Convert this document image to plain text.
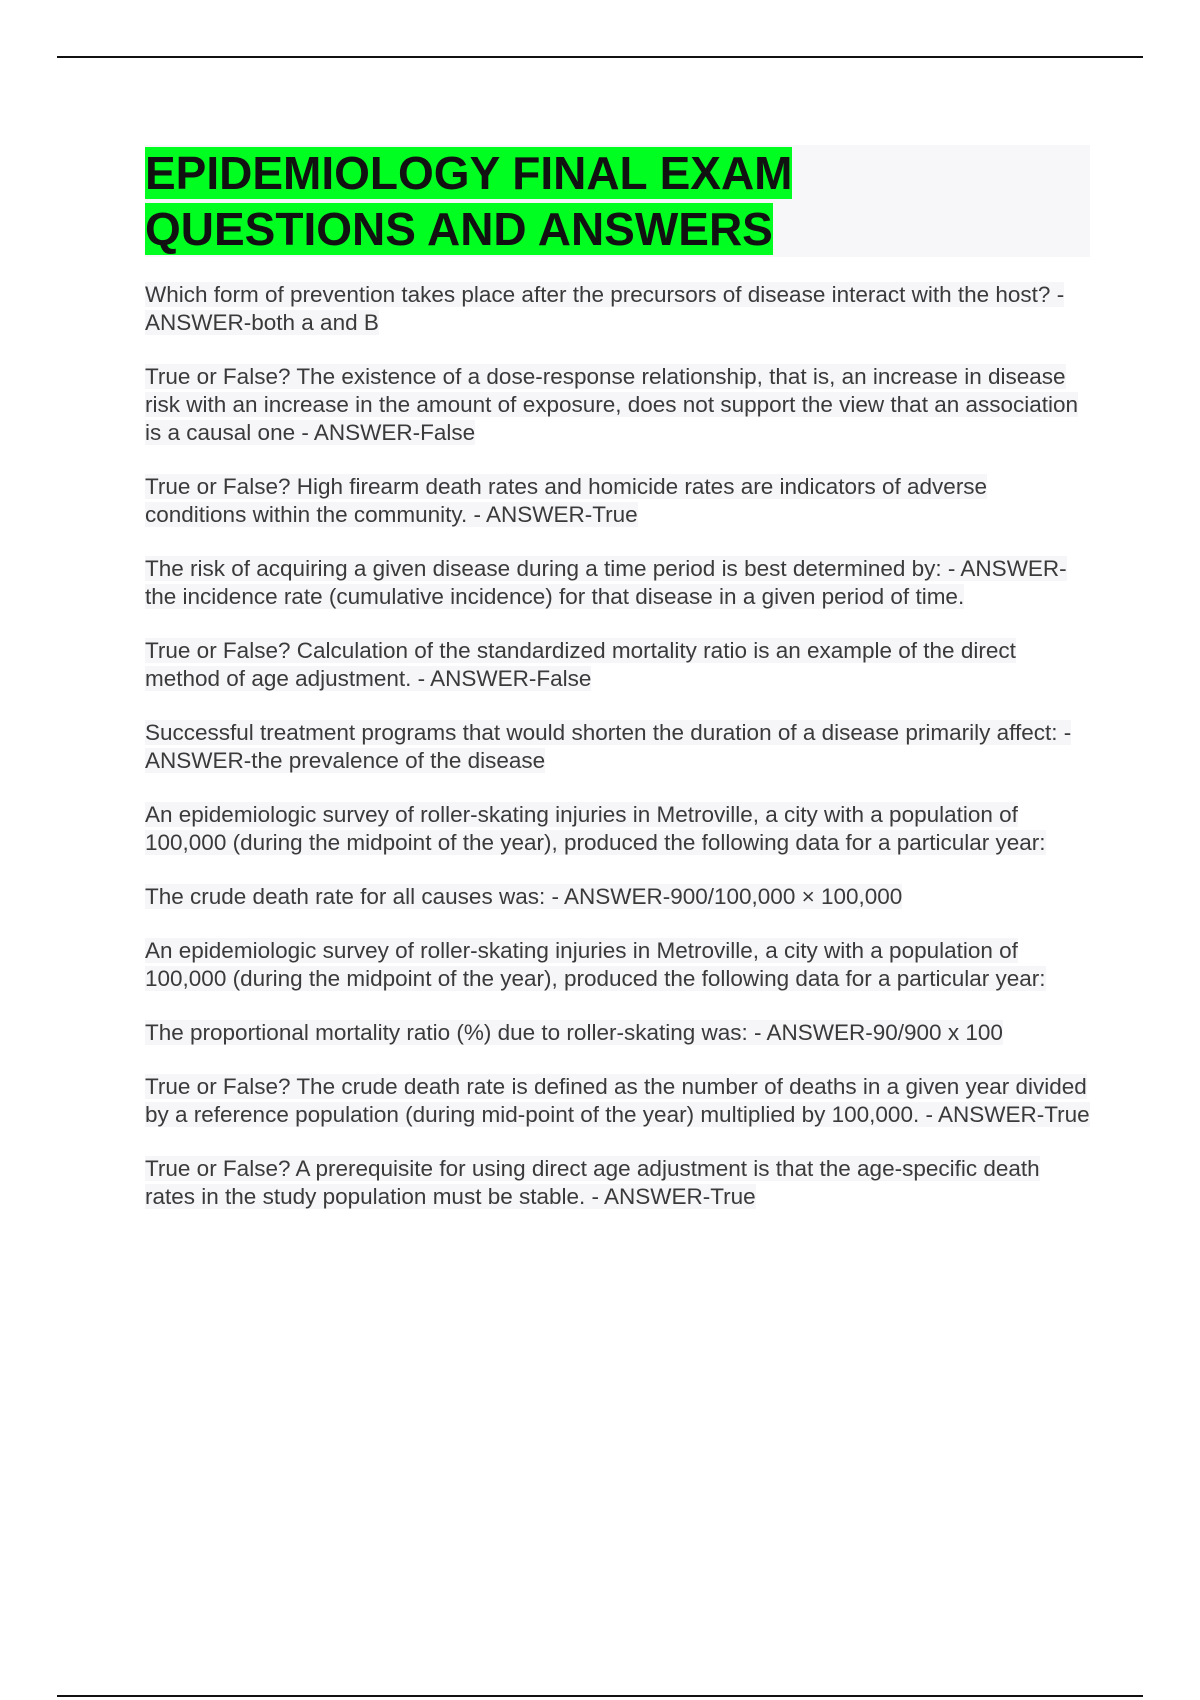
EPIDEMIOLOGY FINAL EXAM
QUESTIONS AND ANSWERS

Which form of prevention takes place after the precursors of disease interact with the host? - ANSWER-both a and B

True or False? The existence of a dose-response relationship, that is, an increase in disease risk with an increase in the amount of exposure, does not support the view that an association is a causal one - ANSWER-False

True or False? High firearm death rates and homicide rates are indicators of adverse conditions within the community. - ANSWER-True

The risk of acquiring a given disease during a time period is best determined by: - ANSWER-the incidence rate (cumulative incidence) for that disease in a given period of time.

True or False? Calculation of the standardized mortality ratio is an example of the direct method of age adjustment. - ANSWER-False

Successful treatment programs that would shorten the duration of a disease primarily affect: - ANSWER-the prevalence of the disease

An epidemiologic survey of roller-skating injuries in Metroville, a city with a population of 100,000 (during the midpoint of the year), produced the following data for a particular year:

The crude death rate for all causes was: - ANSWER-900/100,000 × 100,000

An epidemiologic survey of roller-skating injuries in Metroville, a city with a population of 100,000 (during the midpoint of the year), produced the following data for a particular year:

The proportional mortality ratio (%) due to roller-skating was: - ANSWER-90/900 x 100

True or False? The crude death rate is defined as the number of deaths in a given year divided by a reference population (during mid-point of the year) multiplied by 100,000. - ANSWER-True

True or False? A prerequisite for using direct age adjustment is that the age-specific death rates in the study population must be stable. - ANSWER-True
